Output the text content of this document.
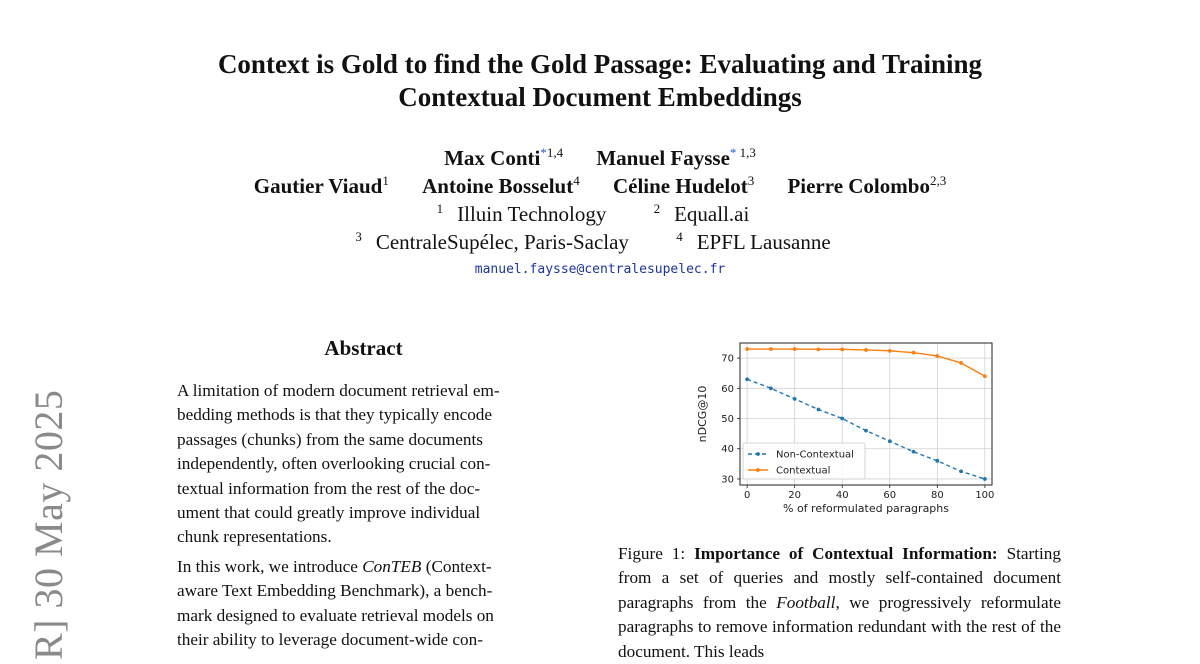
R] 30 May 2025
Context is Gold to find the Gold Passage: Evaluating and Training
Contextual Document Embeddings
Max Conti$^{*1,4}$ Manuel Faysse$^{* 1,3}$
Gautier Viaud$^1$ Antoine Bosselut$^4$ Céline Hudelot$^3$ Pierre Colombo$^{2,3}$
$^1$ Illuin Technology	$^2$ Equall.ai
$^3$ CentraleSupélec, Paris-Saclay	$^4$ EPFL Lausanne
manuel.faysse@centralesupelec.fr
Abstract
A limitation of modern document retrieval em-
bedding methods is that they typically encode
passages (chunks) from the same documents
independently, often overlooking crucial con-
textual information from the rest of the doc-
ument that could greatly improve individual
chunk representations.
In this work, we introduce ConTEB (Context-
aware Text Embedding Benchmark), a bench-
mark designed to evaluate retrieval models on
their ability to leverage document-wide con-
0	20	40	60	80	100
30
40
50
60
70
% of reformulated paragraphs
nDCG@10
Non-Contextual
Contextual
Figure 1: Importance of Contextual Information: Starting from a set of queries and mostly self-contained document paragraphs from the Football, we progressively reformulate paragraphs to remove information redundant with the rest of the document. This leads
